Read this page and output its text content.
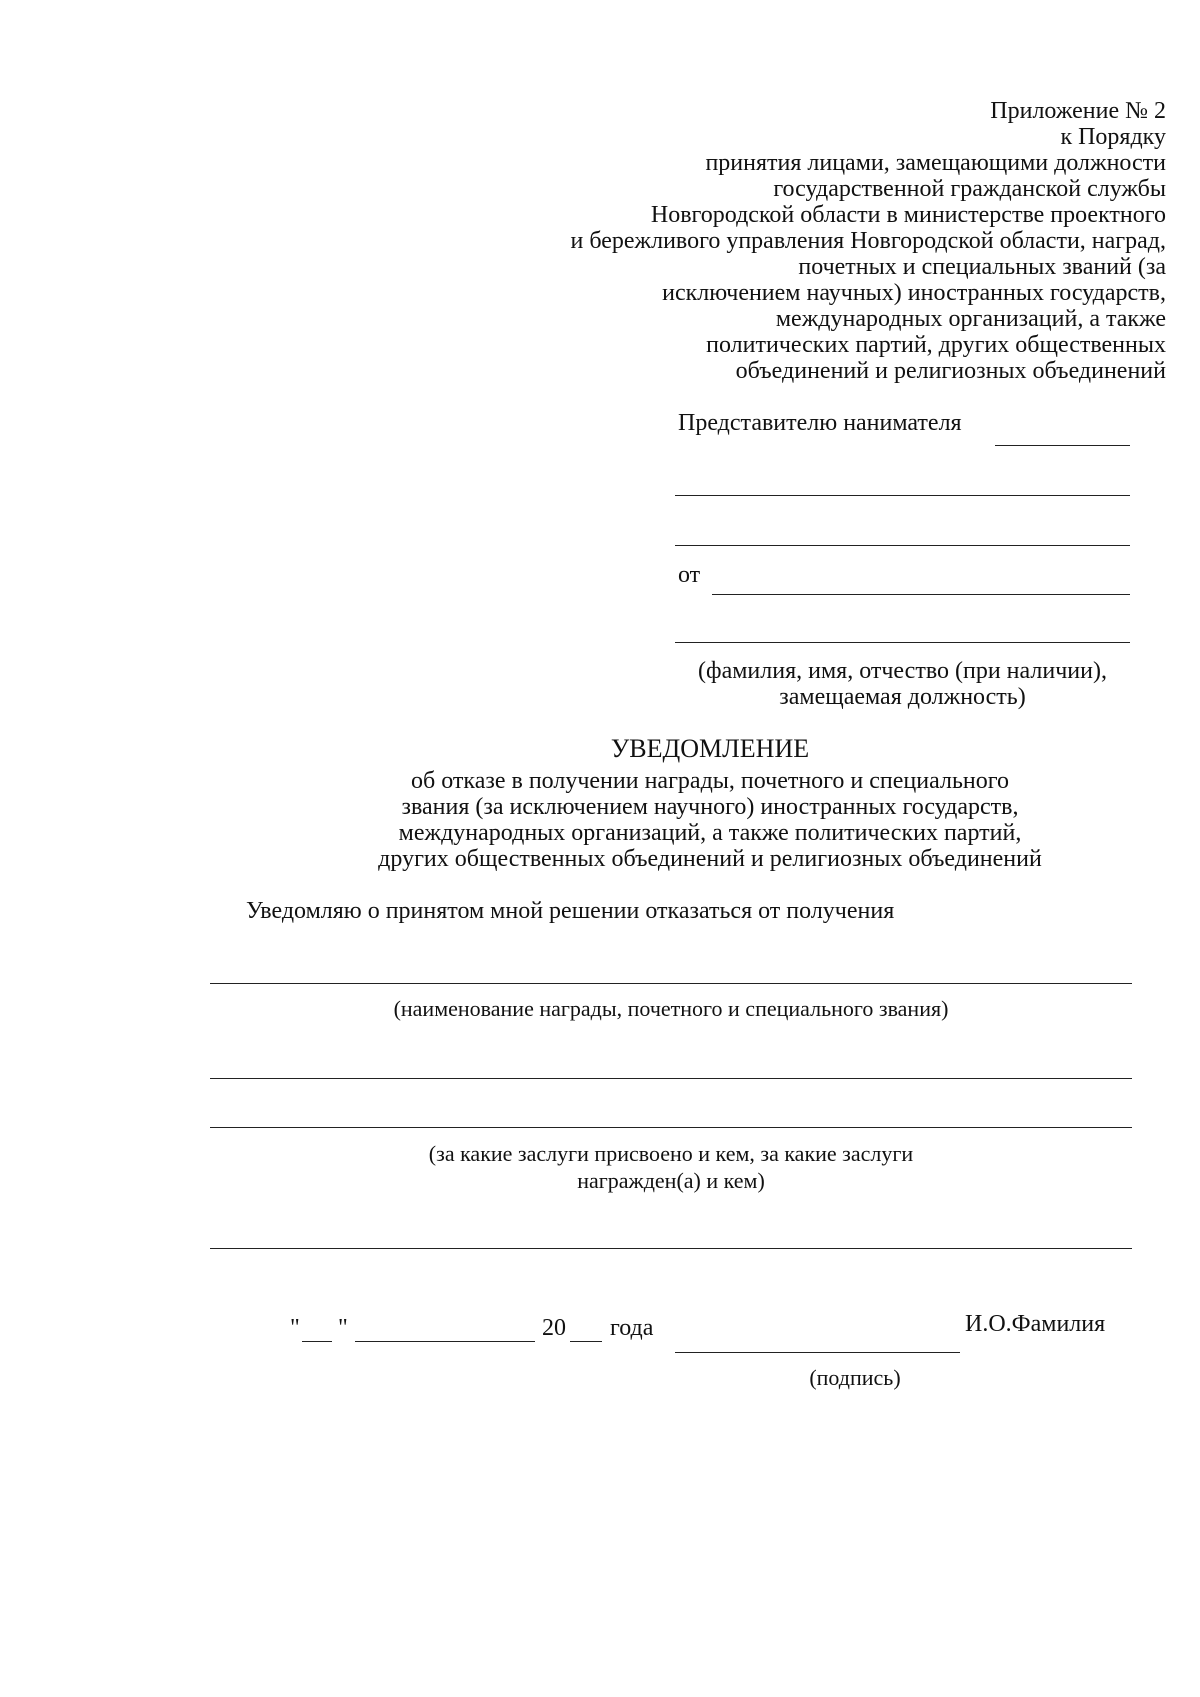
Приложение № 2
к Порядку
принятия лицами, замещающими должности
государственной гражданской службы
Новгородской области в министерстве проектного
и бережливого управления Новгородской области, наград,
почетных и специальных званий (за
исключением научных) иностранных государств,
международных организаций, а также
политических партий, других общественных
объединений и религиозных объединений
Представителю нанимателя
от
(фамилия, имя, отчество (при наличии),
замещаемая должность)
УВЕДОМЛЕНИЕ
об отказе в получении награды, почетного и специального
звания (за исключением научного) иностранных государств,
международных организаций, а также политических партий,
других общественных объединений и религиозных объединений
Уведомляю о принятом мной решении отказаться от получения
(наименование награды, почетного и специального звания)
(за какие заслуги присвоено и кем, за какие заслуги
награжден(а) и кем)
" "	20 года	И.О.Фамилия
(подпись)
